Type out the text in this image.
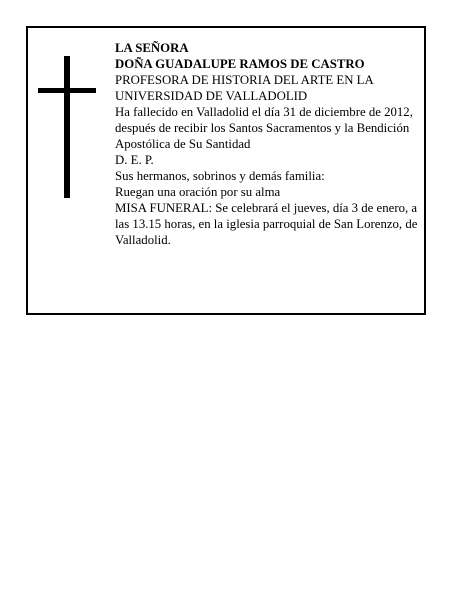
LA SEÑORA

DOÑA GUADALUPE RAMOS DE CASTRO

PROFESORA DE HISTORIA DEL ARTE EN LA UNIVERSIDAD DE VALLADOLID

Ha fallecido en Valladolid el día 31 de diciembre de 2012, después de recibir los Santos Sacramentos y la Bendición Apostólica de Su Santidad

D. E. P.

Sus hermanos, sobrinos y demás familia:

Ruegan una oración por su alma

MISA FUNERAL: Se celebrará el jueves, día 3 de enero, a las 13.15 horas, en la iglesia parroquial de San Lorenzo, de Valladolid.
